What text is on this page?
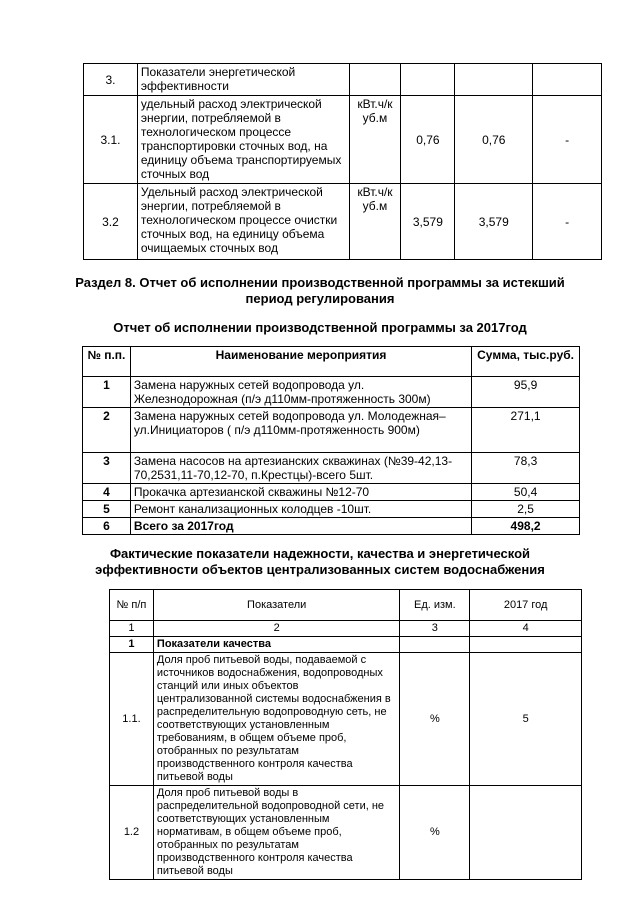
3.	Показатели энергетической эффективности				
3.1.	удельный расход электрической энергии, потребляемой в технологическом процессе транспортировки сточных вод, на единицу объема транспортируемых сточных вод	кВт.ч/к уб.м	0,76	0,76	-
3.2	Удельный расход электрической энергии, потребляемой в технологическом процессе очистки сточных вод, на единицу объема очищаемых сточных вод	кВт.ч/к уб.м	3,579	3,579	-
Раздел 8. Отчет об исполнении производственной программы за истекший
период регулирования
Отчет об исполнении производственной программы за 2017год
№ п.п.	Наименование мероприятия	Сумма, тыс.руб.
1	Замена наружных сетей водопровода ул. Железнодорожная (п/э д110мм-протяженность 300м)	95,9
2	Замена наружных сетей водопровода ул. Молодежная– ул.Инициаторов ( п/э д110мм-протяженность 900м)	271,1
3	Замена насосов на артезианских скважинах (№39-42,13-70,2531,11-70,12-70, п.Крестцы)-всего 5шт.	78,3
4	Прокачка артезианской скважины №12-70	50,4
5	Ремонт канализационных колодцев -10шт.	2,5
6	Всего за 2017год	498,2
Фактические показатели надежности, качества и энергетической
эффективности объектов централизованных систем водоснабжения
№ п/п	Показатели	Ед. изм.	2017 год
1	2	3	4
1	Показатели качества		
1.1.	Доля проб питьевой воды, подаваемой с источников водоснабжения, водопроводных станций или иных объектов централизованной системы водоснабжения в распределительную водопроводную сеть, не соответствующих установленным требованиям, в общем объеме проб, отобранных по результатам производственного контроля качества питьевой воды	%	5
1.2	Доля проб питьевой воды в распределительной водопроводной сети, не соответствующих установленным нормативам, в общем объеме проб, отобранных по результатам производственного контроля качества питьевой воды	%	
